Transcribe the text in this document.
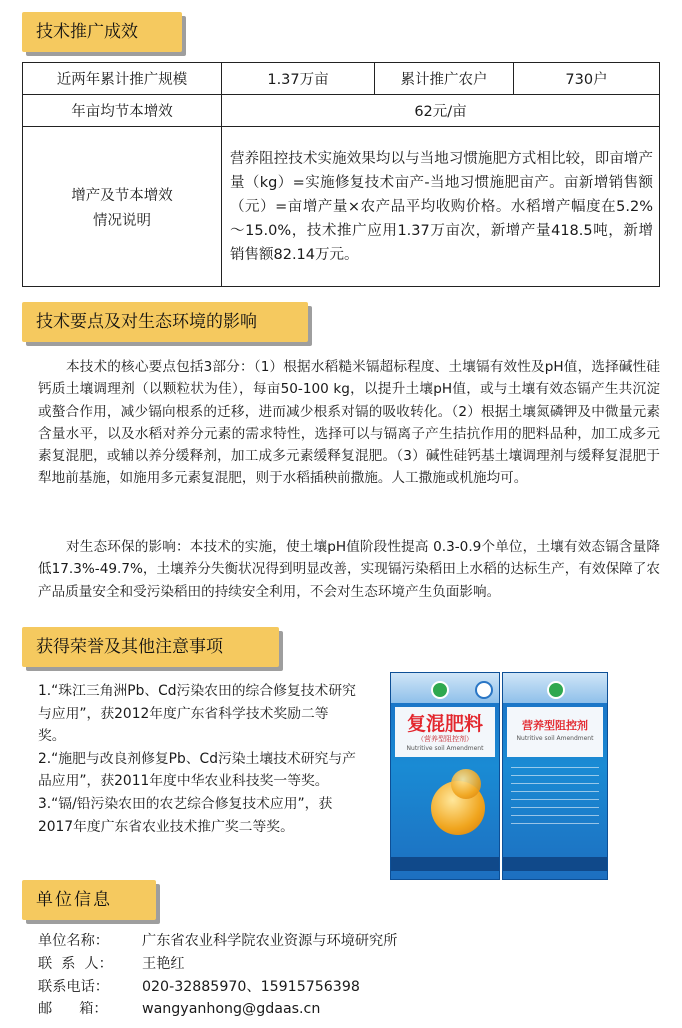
技术推广成效
近两年累计推广规模	1.37万亩	累计推广农户	730户
年亩均节本增效	62元/亩		

增产及节本增效
情况说明	营养阻控技术实施效果均以与当地习惯施肥方式相比较，即亩增产量（kg）=实施修复技术亩产-当地习惯施肥亩产。亩新增销售额（元）=亩增产量×农产品平均收购价格。水稻增产幅度在5.2%～15.0%，技术推广应用1.37万亩次，新增产量418.5吨，新增销售额82.14万元。		
技术要点及对生态环境的影响

本技术的核心要点包括3部分：（1）根据水稻糙米镉超标程度、土壤镉有效性及pH值，选择碱性硅钙质土壤调理剂（以颗粒状为佳），每亩50-100 kg，以提升土壤pH值，或与土壤有效态镉产生共沉淀或螯合作用，减少镉向根系的迁移，进而减少根系对镉的吸收转化。（2）根据土壤氮磷钾及中微量元素含量水平，以及水稻对养分元素的需求特性，选择可以与镉离子产生拮抗作用的肥料品种，加工成多元素复混肥，或辅以养分缓释剂，加工成多元素缓释复混肥。（3）碱性硅钙基土壤调理剂与缓释复混肥于犁地前基施，如施用多元素复混肥，则于水稻插秧前撒施。人工撒施或机施均可。

对生态环保的影响：本技术的实施，使土壤pH值阶段性提高 0.3-0.9个单位，土壤有效态镉含量降低17.3%-49.7%，土壤养分失衡状况得到明显改善，实现镉污染稻田上水稻的达标生产，有效保障了农产品质量安全和受污染稻田的持续安全利用，不会对生态环境产生负面影响。

获得荣誉及其他注意事项

1.“珠江三角洲Pb、Cd污染农田的综合修复技术研究与应用”，获2012年度广东省科学技术奖励二等奖。

2.“施肥与改良剂修复Pb、Cd污染土壤技术研究与产品应用”，获2011年度中华农业科技奖一等奖。

3.“镉/铅污染农田的农艺综合修复技术应用”，获2017年度广东省农业技术推广奖二等奖。

复混肥料
（营养型阻控剂）
Nutritive soil Amendment
营养型阻控剂
Nutritive soil Amendment
单位信息
单位名称：	广东省农业科学院农业资源与环境研究所
联  系  人：	王艳红
联系电话：	020-32885970、15915756398
邮      箱：	wangyanhong@gdaas.cn
